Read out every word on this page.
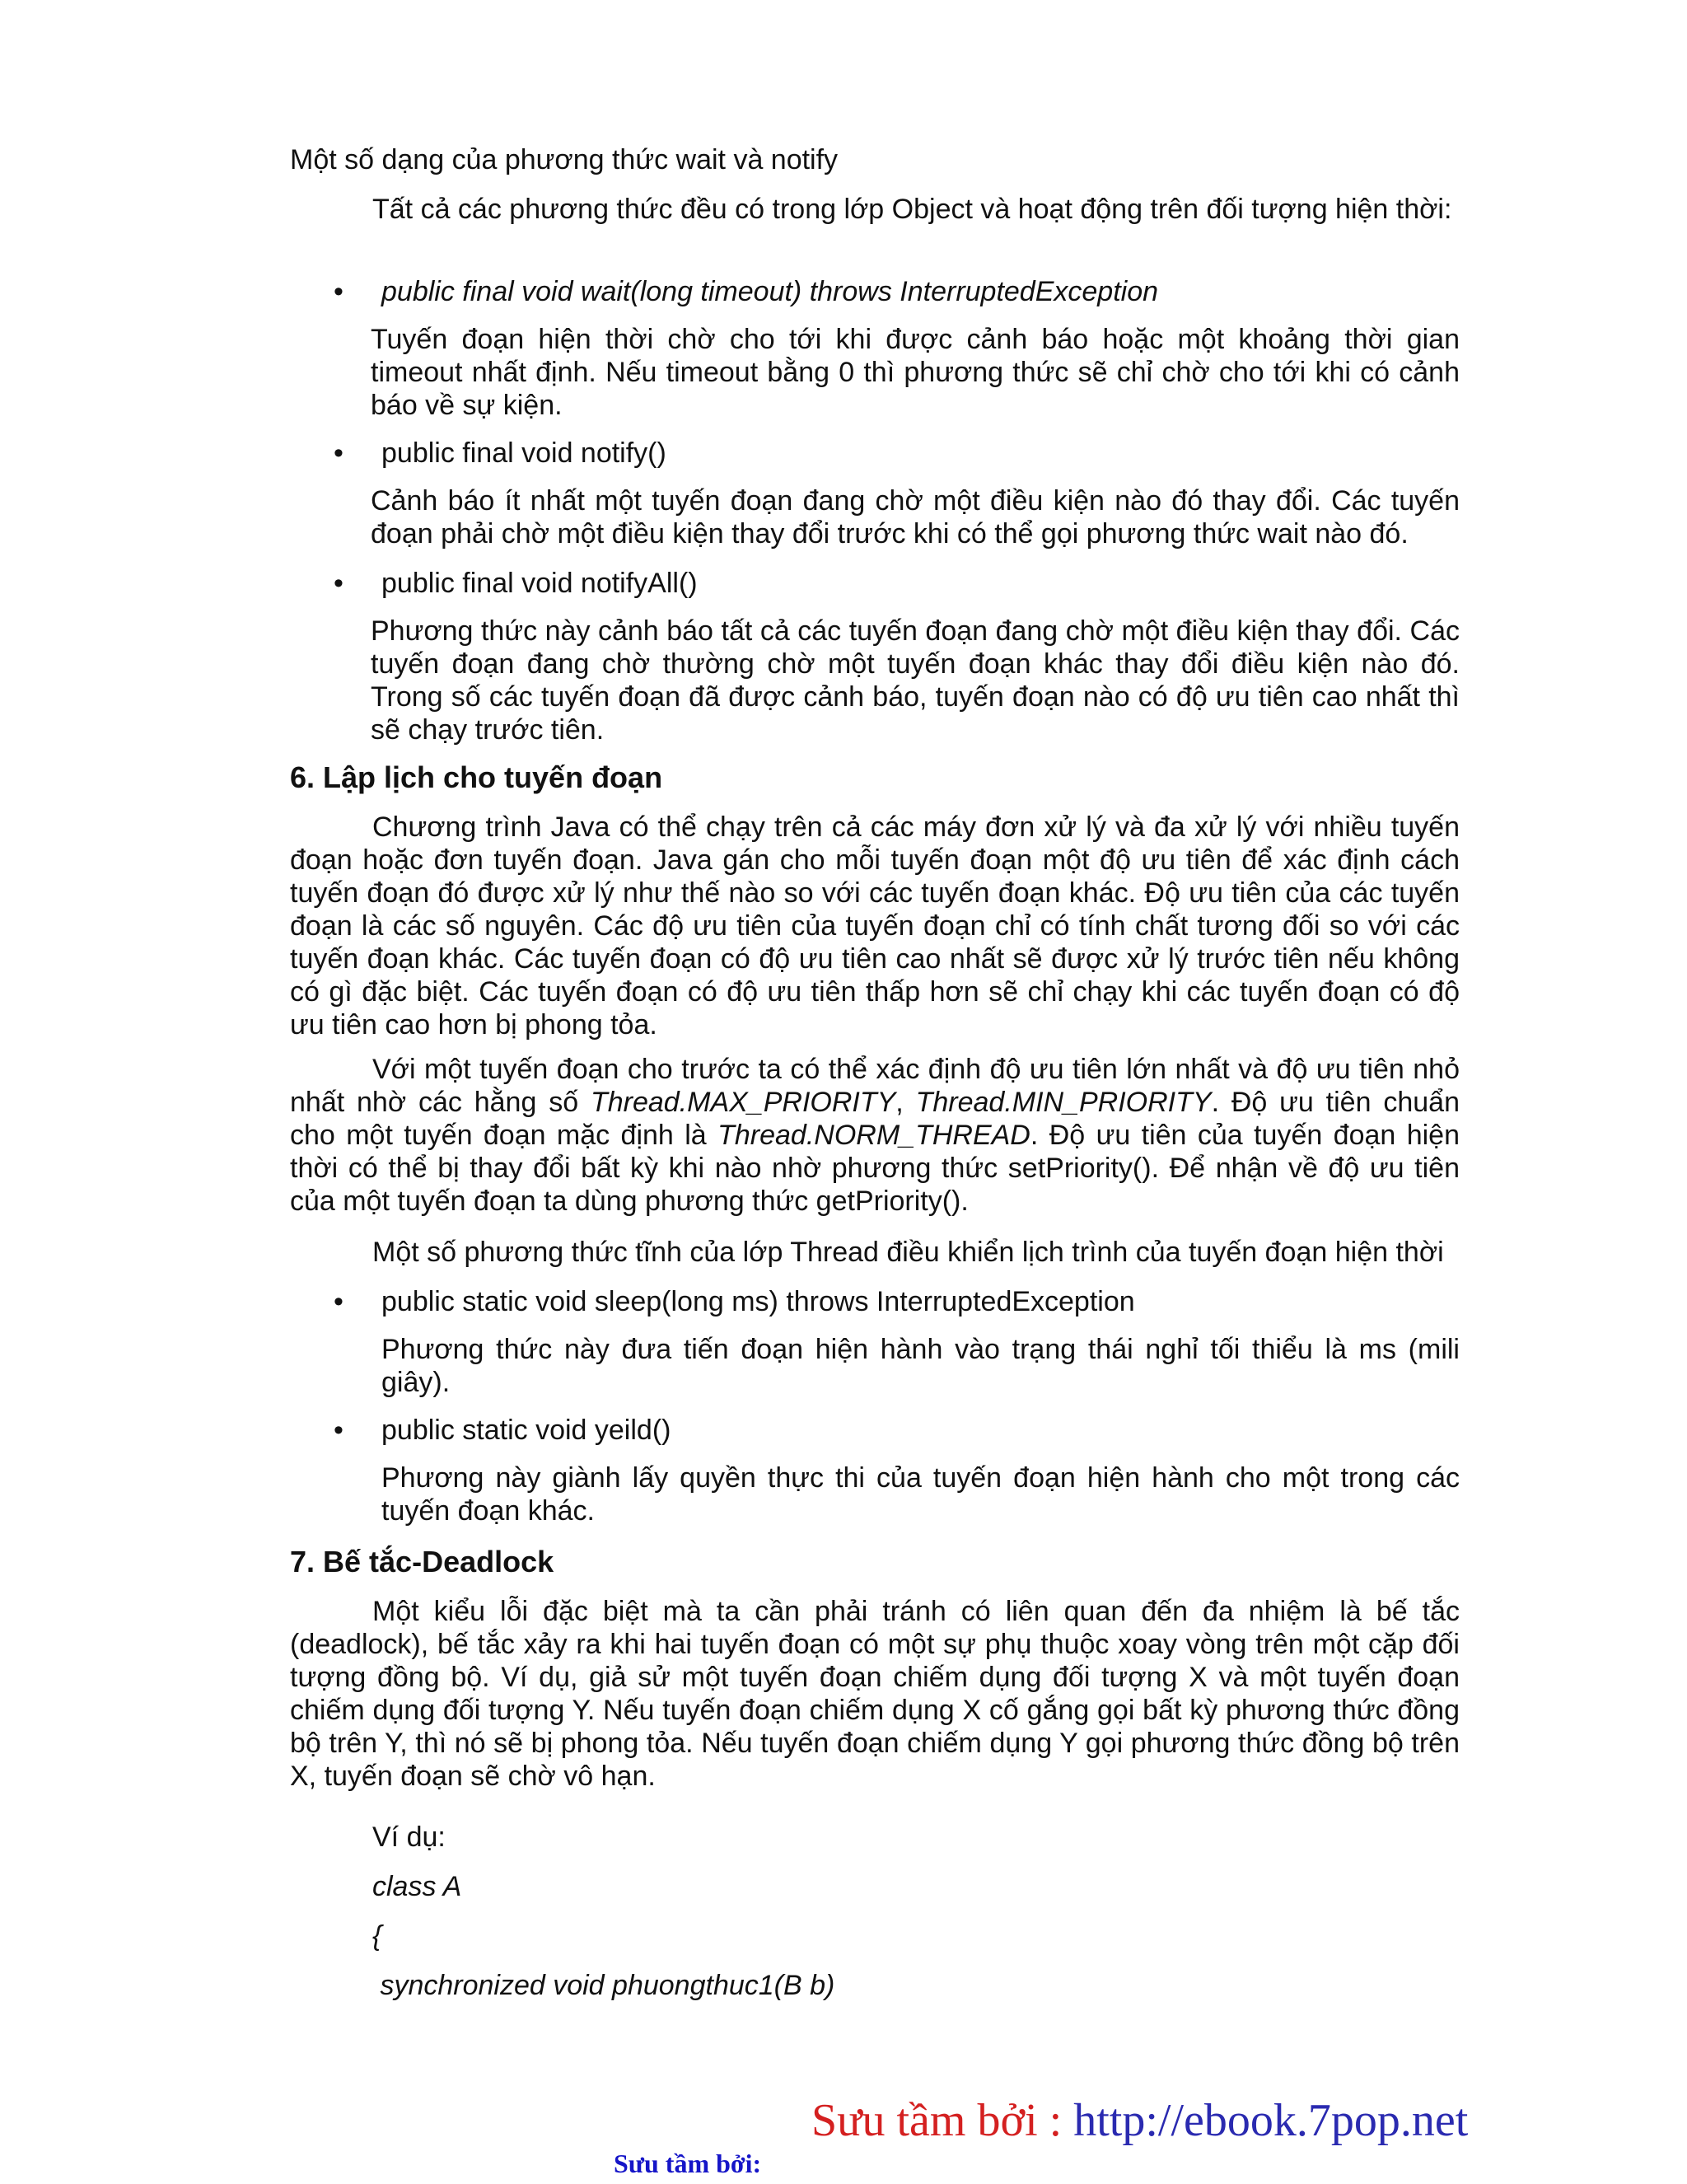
Một số dạng của phương thức wait và notify
Tất cả các phương thức đều có trong lớp Object và hoạt động trên đối tượng hiện thời:
•	public final void wait(long timeout) throws InterruptedException
Tuyến đoạn hiện thời chờ cho tới khi được cảnh báo hoặc một khoảng thời gian timeout nhất định. Nếu timeout bằng 0 thì phương thức sẽ chỉ chờ cho tới khi có cảnh báo về sự kiện.
•	public final void notify()
Cảnh báo ít nhất một tuyến đoạn đang chờ một điều kiện nào đó thay đổi. Các tuyến đoạn phải chờ một điều kiện thay đổi trước khi có thể gọi phương thức wait nào đó.
•	public final void notifyAll()
Phương thức này cảnh báo tất cả các tuyến đoạn đang chờ một điều kiện thay đổi. Các tuyến đoạn đang chờ thường chờ một tuyến đoạn khác thay đổi điều kiện nào đó. Trong số các tuyến đoạn đã được cảnh báo, tuyến đoạn nào có độ ưu tiên cao nhất thì sẽ chạy trước tiên.
6. Lập lịch cho tuyến đoạn
Chương trình Java có thể chạy trên cả các máy đơn xử lý và đa xử lý với nhiều tuyến đoạn hoặc đơn tuyến đoạn. Java gán cho mỗi tuyến đoạn một độ ưu tiên để xác định cách tuyến đoạn đó được xử lý như thế nào so với các tuyến đoạn khác. Độ ưu tiên của các tuyến đoạn là các số nguyên. Các độ ưu tiên của tuyến đoạn chỉ có tính chất tương đối so với các tuyến đoạn khác. Các tuyến đoạn có độ ưu tiên cao nhất sẽ được xử lý trước tiên nếu không có gì đặc biệt. Các tuyến đoạn có độ ưu tiên thấp hơn sẽ chỉ chạy khi các tuyến đoạn có độ ưu tiên cao hơn bị phong tỏa.
Với một tuyến đoạn cho trước ta có thể xác định độ ưu tiên lớn nhất và độ ưu tiên nhỏ nhất nhờ các hằng số Thread.MAX_PRIORITY, Thread.MIN_PRIORITY. Độ ưu tiên chuẩn cho một tuyến đoạn mặc định là Thread.NORM_THREAD. Độ ưu tiên của tuyến đoạn hiện thời có thể bị thay đổi bất kỳ khi nào nhờ phương thức setPriority(). Để nhận về độ ưu tiên của một tuyến đoạn ta dùng phương thức getPriority().
Một số phương thức tĩnh của lớp Thread điều khiển lịch trình của tuyến đoạn hiện thời
•	public static void sleep(long ms) throws InterruptedException
Phương thức này đưa tiến đoạn hiện hành vào trạng thái nghỉ tối thiểu là ms (mili giây).
•	public static void yeild()
Phương này giành lấy quyền thực thi của tuyến đoạn hiện hành cho một trong các tuyến đoạn khác.
7. Bế tắc-Deadlock
Một kiểu lỗi đặc biệt mà ta cần phải tránh có liên quan đến đa nhiệm là bế tắc (deadlock), bế tắc xảy ra khi hai tuyến đoạn có một sự phụ thuộc xoay vòng trên một cặp đối tượng đồng bộ. Ví dụ, giả sử một tuyến đoạn chiếm dụng đối tượng X và một tuyến đoạn chiếm dụng đối tượng Y. Nếu tuyến đoạn chiếm dụng X cố gắng gọi bất kỳ phương thức đồng bộ trên Y, thì nó sẽ bị phong tỏa. Nếu tuyến đoạn chiếm dụng Y gọi phương thức đồng bộ trên X, tuyến đoạn sẽ chờ vô hạn.
Ví dụ:
class A
{
synchronized void phuongthuc1(B b)
Sưu tầm bởi:
Sưu tầm bởi : http://ebook.7pop.net
